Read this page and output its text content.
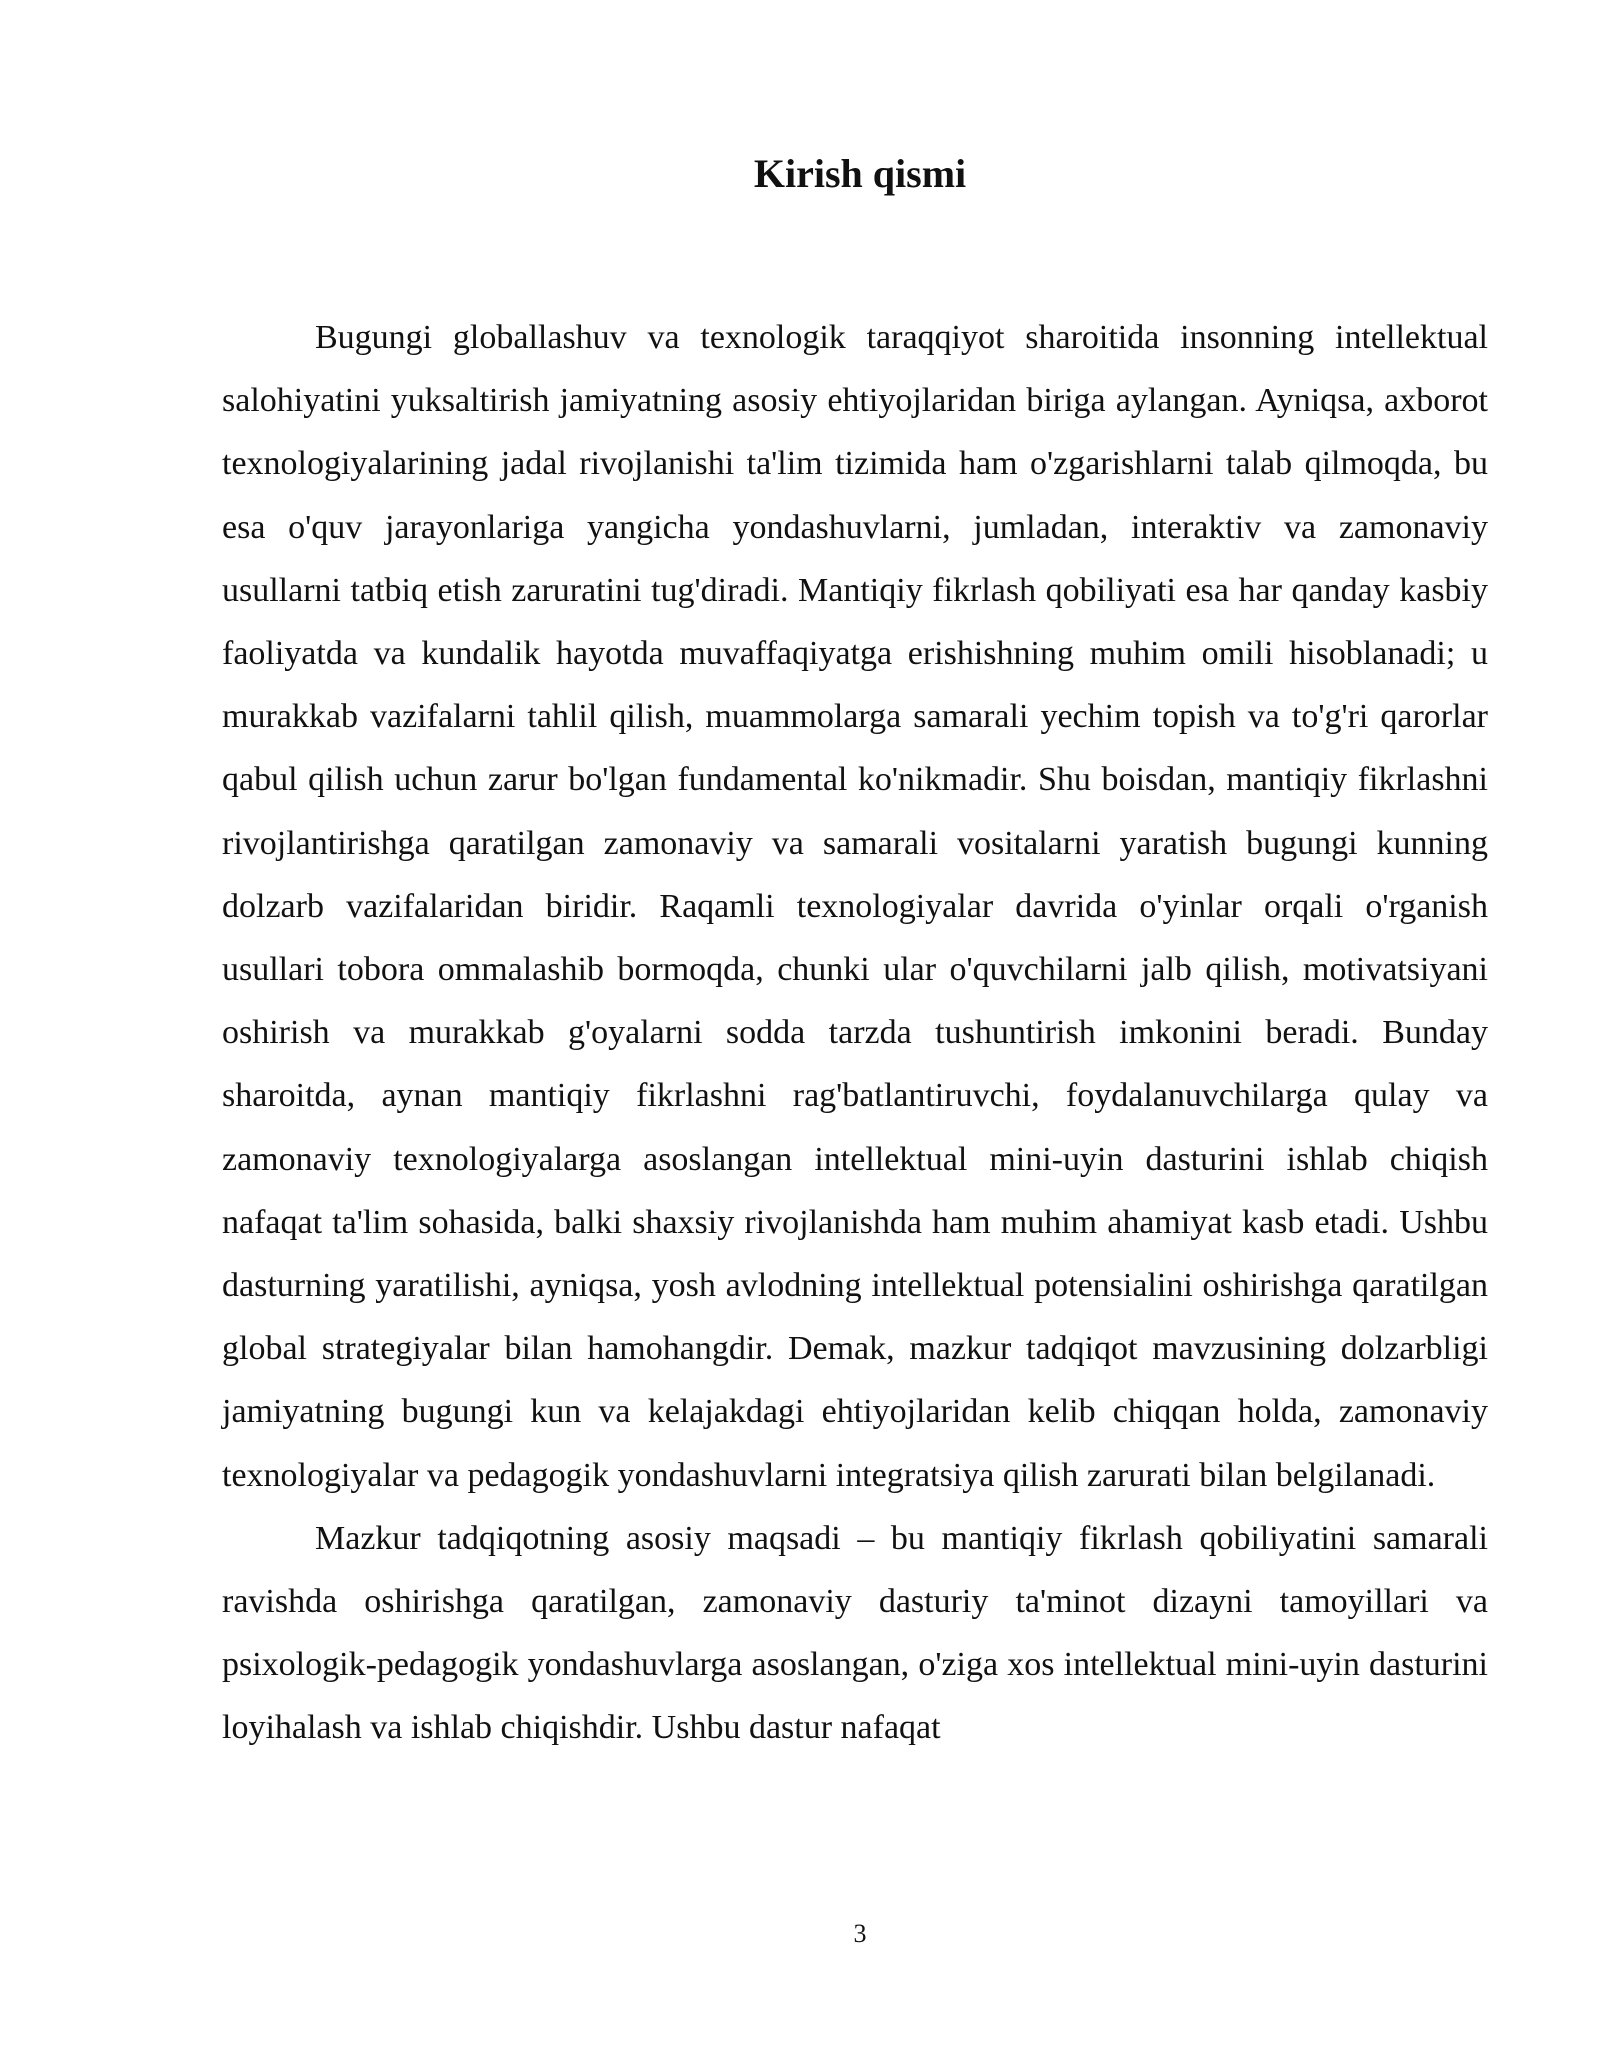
Kirish qismi

Bugungi globallashuv va texnologik taraqqiyot sharoitida insonning intellektual salohiyatini yuksaltirish jamiyatning asosiy ehtiyojlaridan biriga aylangan. Ayniqsa, axborot texnologiyalarining jadal rivojlanishi ta'lim tizimida ham o'zgarishlarni talab qilmoqda, bu esa o'quv jarayonlariga yangicha yondashuvlarni, jumladan, interaktiv va zamonaviy usullarni tatbiq etish zaruratini tug'diradi. Mantiqiy fikrlash qobiliyati esa har qanday kasbiy faoliyatda va kundalik hayotda muvaffaqiyatga erishishning muhim omili hisoblanadi; u murakkab vazifalarni tahlil qilish, muammolarga samarali yechim topish va to'g'ri qarorlar qabul qilish uchun zarur bo'lgan fundamental ko'nikmadir. Shu boisdan, mantiqiy fikrlashni rivojlantirishga qaratilgan zamonaviy va samarali vositalarni yaratish bugungi kunning dolzarb vazifalaridan biridir. Raqamli texnologiyalar davrida o'yinlar orqali o'rganish usullari tobora ommalashib bormoqda, chunki ular o'quvchilarni jalb qilish, motivatsiyani oshirish va murakkab g'oyalarni sodda tarzda tushuntirish imkonini beradi. Bunday sharoitda, aynan mantiqiy fikrlashni rag'batlantiruvchi, foydalanuvchilarga qulay va zamonaviy texnologiyalarga asoslangan intellektual mini-uyin dasturini ishlab chiqish nafaqat ta'lim sohasida, balki shaxsiy rivojlanishda ham muhim ahamiyat kasb etadi. Ushbu dasturning yaratilishi, ayniqsa, yosh avlodning intellektual potensialini oshirishga qaratilgan global strategiyalar bilan hamohangdir. Demak, mazkur tadqiqot mavzusining dolzarbligi jamiyatning bugungi kun va kelajakdagi ehtiyojlaridan kelib chiqqan holda, zamonaviy texnologiyalar va pedagogik yondashuvlarni integratsiya qilish zarurati bilan belgilanadi.

Mazkur tadqiqotning asosiy maqsadi – bu mantiqiy fikrlash qobiliyatini samarali ravishda oshirishga qaratilgan, zamonaviy dasturiy ta'minot dizayni tamoyillari va psixologik-pedagogik yondashuvlarga asoslangan, o'ziga xos intellektual mini-uyin dasturini loyihalash va ishlab chiqishdir. Ushbu dastur nafaqat

3
